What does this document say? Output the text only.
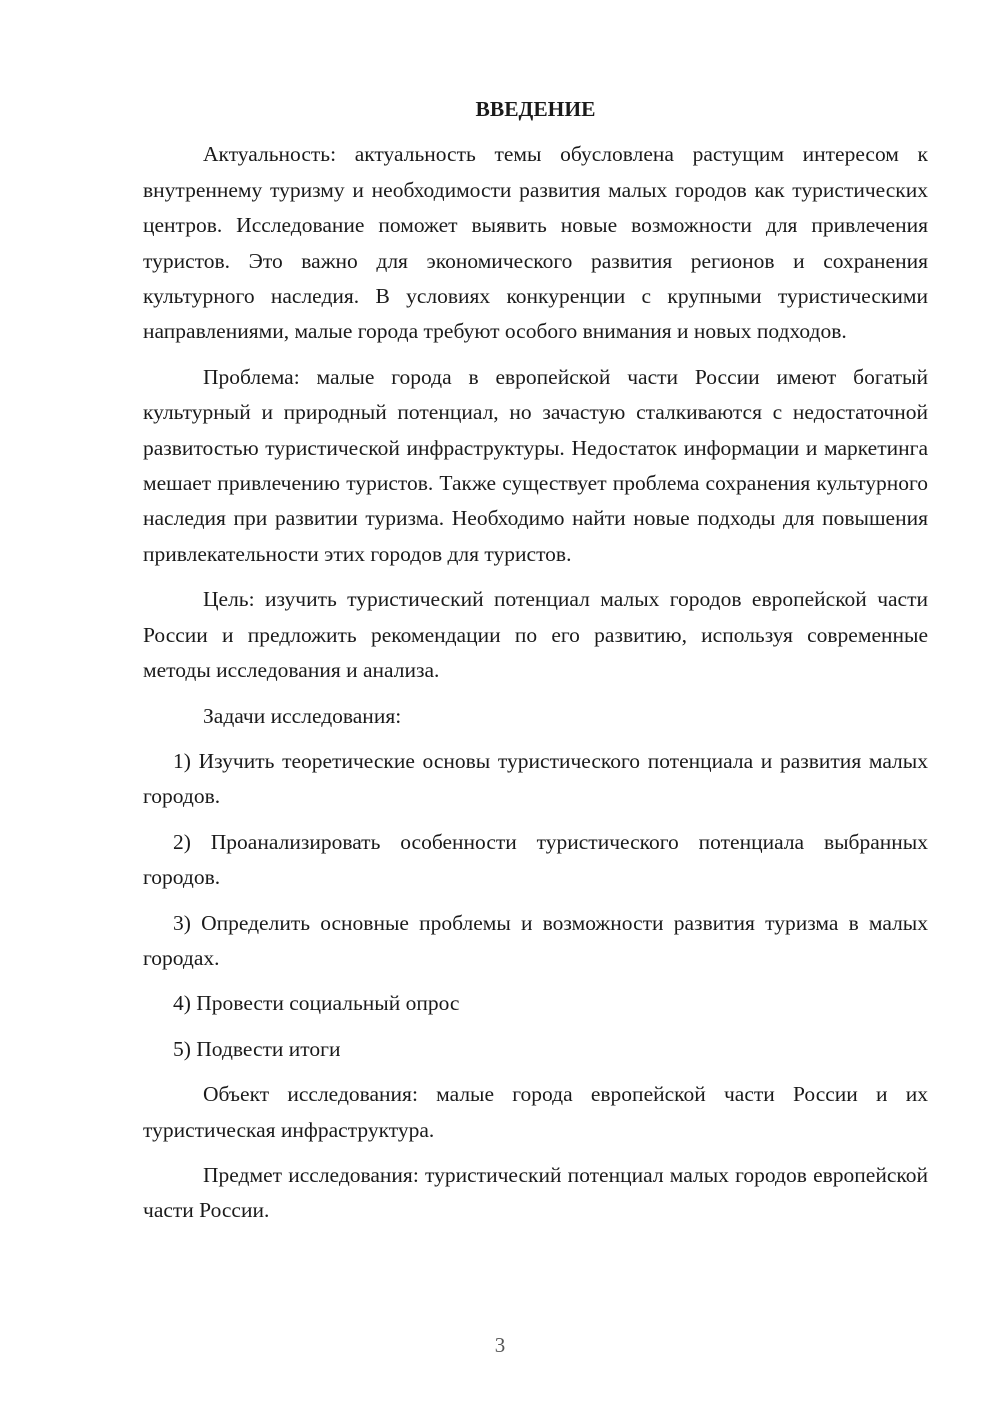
ВВЕДЕНИЕ

Актуальность: актуальность темы обусловлена растущим интересом к внутреннему туризму и необходимости развития малых городов как туристических центров. Исследование поможет выявить новые возможности для привлечения туристов. Это важно для экономического развития регионов и сохранения культурного наследия. В условиях конкуренции с крупными туристическими направлениями, малые города требуют особого внимания и новых подходов.

Проблема: малые города в европейской части России имеют богатый культурный и природный потенциал, но зачастую сталкиваются с недостаточной развитостью туристической инфраструктуры. Недостаток информации и маркетинга мешает привлечению туристов. Также существует проблема сохранения культурного наследия при развитии туризма. Необходимо найти новые подходы для повышения привлекательности этих городов для туристов.

Цель: изучить туристический потенциал малых городов европейской части России и предложить рекомендации по его развитию, используя современные методы исследования и анализа.

Задачи исследования:

1) Изучить теоретические основы туристического потенциала и развития малых городов.

2) Проанализировать особенности туристического потенциала выбранных городов.

3) Определить основные проблемы и возможности развития туризма в малых городах.

4) Провести социальный опрос

5) Подвести итоги

Объект исследования: малые города европейской части России и их туристическая инфраструктура.

Предмет исследования: туристический потенциал малых городов европейской части России.

3
